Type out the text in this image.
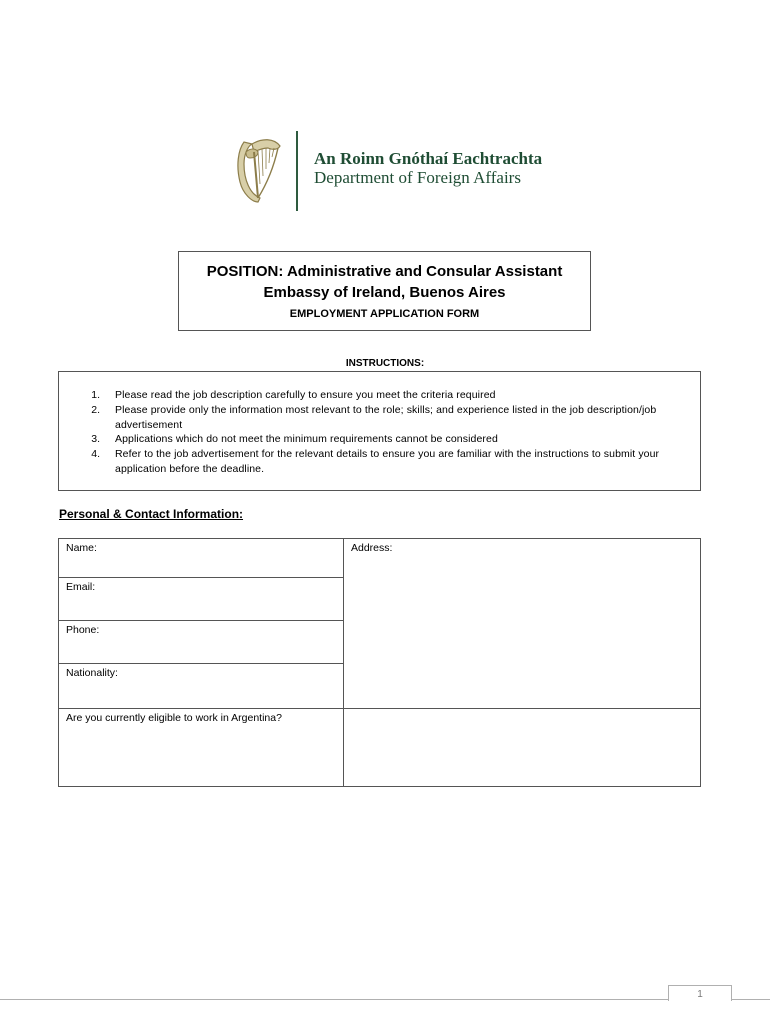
An Roinn Gnóthaí Eachtrachta
Department of Foreign Affairs
POSITION: Administrative and Consular Assistant
Embassy of Ireland, Buenos Aires
EMPLOYMENT APPLICATION FORM
INSTRUCTIONS:
1.	Please read the job description carefully to ensure you meet the criteria required
2.	Please provide only the information most relevant to the role; skills; and experience listed in the job description/job advertisement
3.	Applications which do not meet the minimum requirements cannot be considered
4.	Refer to the job advertisement for the relevant details to ensure you are familiar with the instructions to submit your application before the deadline.
Personal & Contact Information:
Name:	Address:
Email:	
Phone:	
Nationality:	
Are you currently eligible to work in Argentina?	
1
